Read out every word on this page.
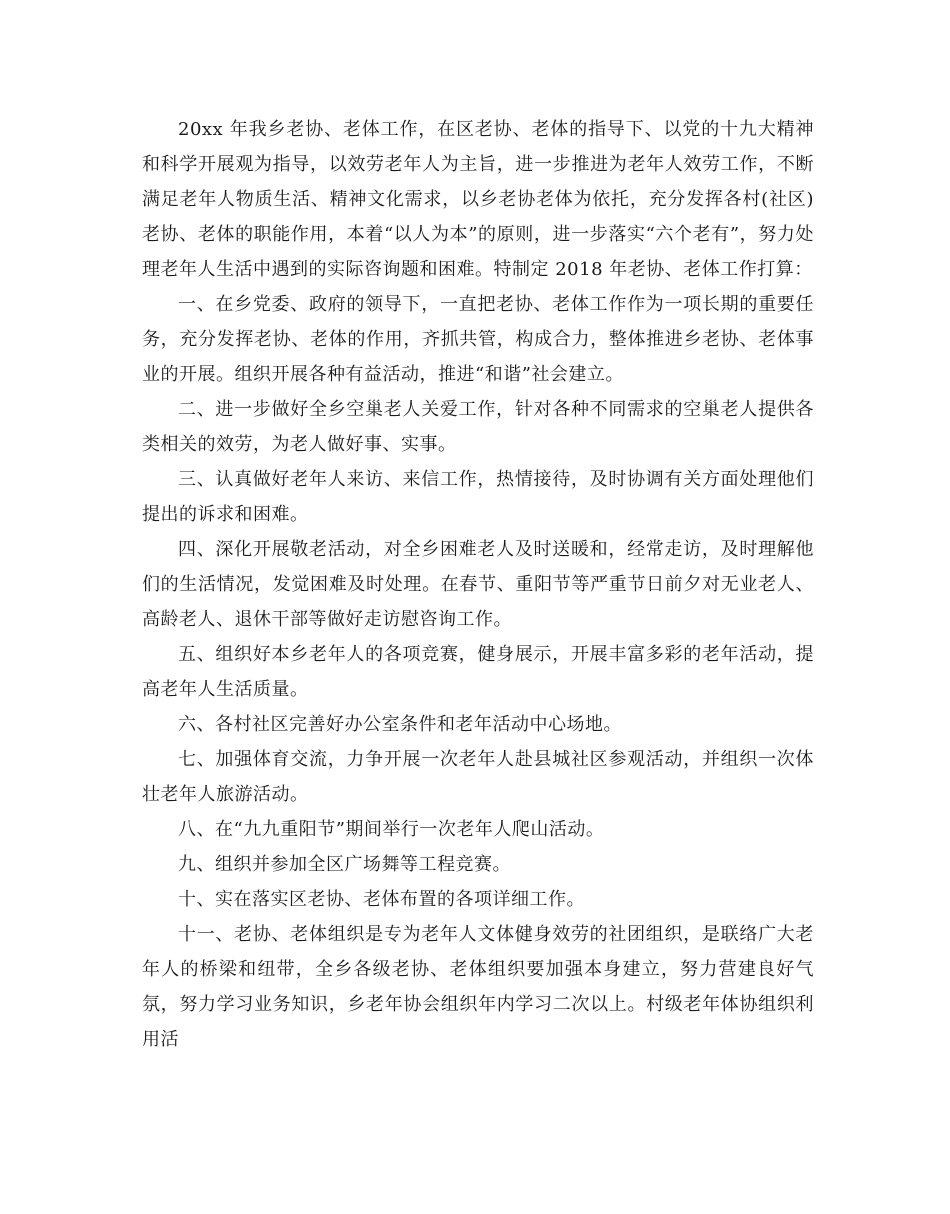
20xx 年我乡老协、老体工作，在区老协、老体的指导下、以党的十九大精神和科学开展观为指导，以效劳老年人为主旨，进一步推进为老年人效劳工作，不断满足老年人物质生活、精神文化需求，以乡老协老体为依托，充分发挥各村(社区)老协、老体的职能作用，本着“以人为本”的原则，进一步落实“六个老有”，努力处理老年人生活中遇到的实际咨询题和困难。特制定 2018 年老协、老体工作打算：

一、在乡党委、政府的领导下，一直把老协、老体工作作为一项长期的重要任务，充分发挥老协、老体的作用，齐抓共管，构成合力，整体推进乡老协、老体事业的开展。组织开展各种有益活动，推进“和谐”社会建立。

二、进一步做好全乡空巢老人关爱工作，针对各种不同需求的空巢老人提供各类相关的效劳，为老人做好事、实事。

三、认真做好老年人来访、来信工作，热情接待，及时协调有关方面处理他们提出的诉求和困难。

四、深化开展敬老活动，对全乡困难老人及时送暖和，经常走访，及时理解他们的生活情况，发觉困难及时处理。在春节、重阳节等严重节日前夕对无业老人、高龄老人、退休干部等做好走访慰咨询工作。

五、组织好本乡老年人的各项竞赛，健身展示，开展丰富多彩的老年活动，提高老年人生活质量。

六、各村社区完善好办公室条件和老年活动中心场地。

七、加强体育交流，力争开展一次老年人赴县城社区参观活动，并组织一次体壮老年人旅游活动。

八、在“九九重阳节”期间举行一次老年人爬山活动。

九、组织并参加全区广场舞等工程竞赛。

十、实在落实区老协、老体布置的各项详细工作。

十一、老协、老体组织是专为老年人文体健身效劳的社团组织，是联络广大老年人的桥梁和纽带，全乡各级老协、老体组织要加强本身建立，努力营建良好气氛，努力学习业务知识，乡老年协会组织年内学习二次以上。村级老年体协组织利用活
